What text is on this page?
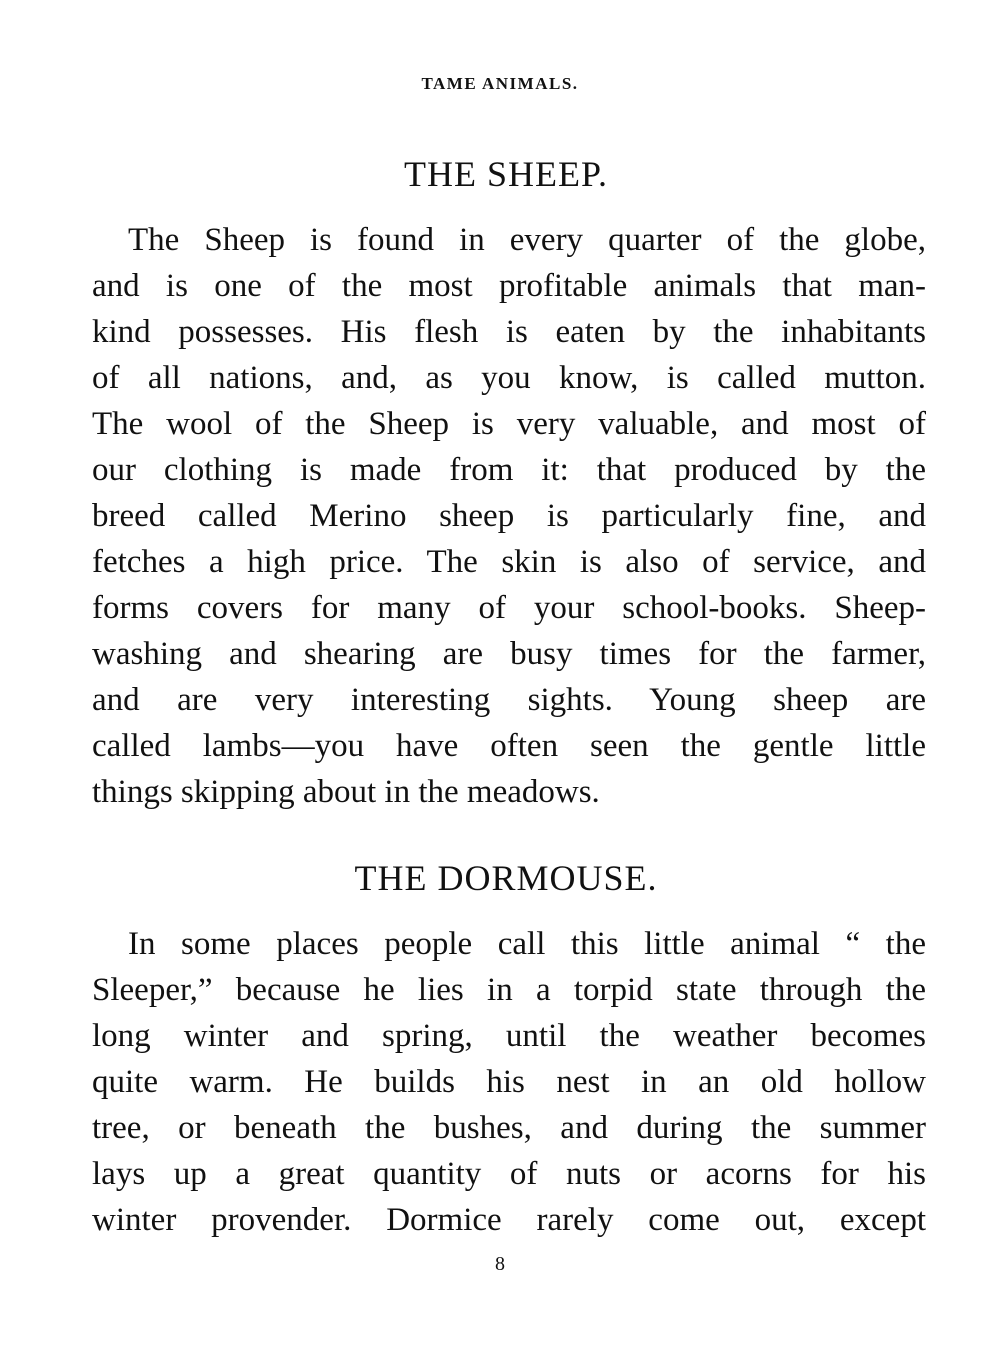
TAME ANIMALS.
THE SHEEP.
The Sheep is found in every quarter of the globe,
and is one of the most profitable animals that man-
kind possesses. His flesh is eaten by the inhabitants
of all nations, and, as you know, is called mutton.
The wool of the Sheep is very valuable, and most of
our clothing is made from it: that produced by the
breed called Merino sheep is particularly fine, and
fetches a high price. The skin is also of service, and
forms covers for many of your school-books. Sheep-
washing and shearing are busy times for the farmer,
and are very interesting sights. Young sheep are
called lambs—you have often seen the gentle little
things skipping about in the meadows.
THE DORMOUSE.
In some places people call this little animal “ the
Sleeper,” because he lies in a torpid state through the
long winter and spring, until the weather becomes
quite warm. He builds his nest in an old hollow
tree, or beneath the bushes, and during the summer
lays up a great quantity of nuts or acorns for his
winter provender. Dormice rarely come out, except
8
